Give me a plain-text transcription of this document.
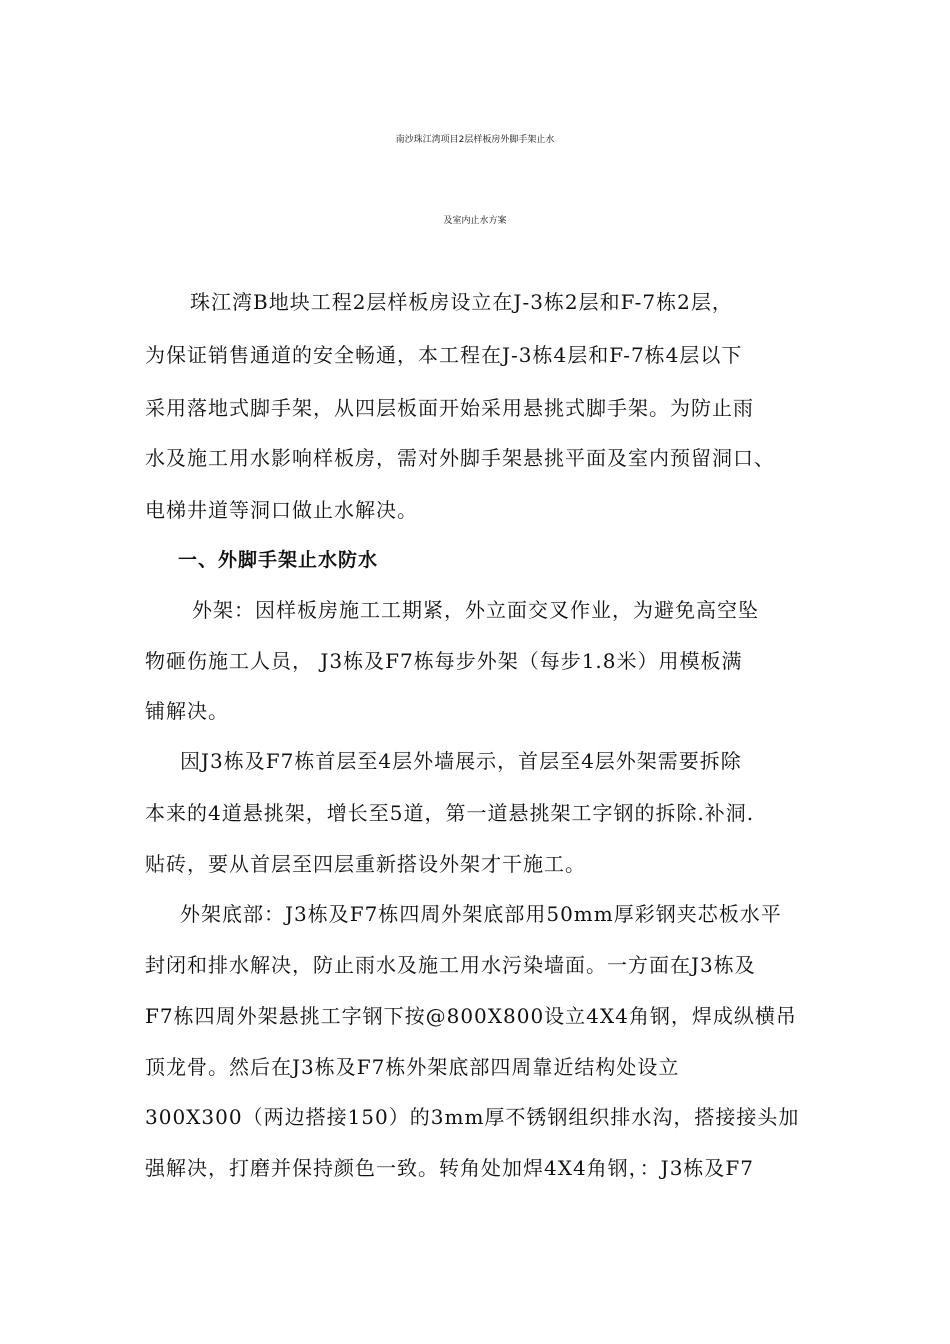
南沙珠江湾项目2层样板房外脚手架止水
及室内止水方案
珠江湾B地块工程2层样板房设立在J-3栋2层和F-7栋2层，
为保证销售通道的安全畅通，本工程在J-3栋4层和F-7栋4层以下
采用落地式脚手架，从四层板面开始采用悬挑式脚手架。为防止雨
水及施工用水影响样板房，需对外脚手架悬挑平面及室内预留洞口、
电梯井道等洞口做止水解决。
一、外脚手架止水防水
外架：因样板房施工工期紧，外立面交叉作业，为避免高空坠
物砸伤施工人员， J3栋及F7栋每步外架（每步1.8米）用模板满
铺解决。
因J3栋及F7栋首层至4层外墙展示，首层至4层外架需要拆除
本来的4道悬挑架，增长至5道，第一道悬挑架工字钢的拆除.补洞.
贴砖，要从首层至四层重新搭设外架才干施工。
外架底部：J3栋及F7栋四周外架底部用50mm厚彩钢夹芯板水平
封闭和排水解决，防止雨水及施工用水污染墙面。一方面在J3栋及
F7栋四周外架悬挑工字钢下按@800X800设立4X4角钢，焊成纵横吊
顶龙骨。然后在J3栋及F7栋外架底部四周靠近结构处设立
300X300（两边搭接150）的3mm厚不锈钢组织排水沟，搭接接头加
强解决，打磨并保持颜色一致。转角处加焊4X4角钢，：J3栋及F7
